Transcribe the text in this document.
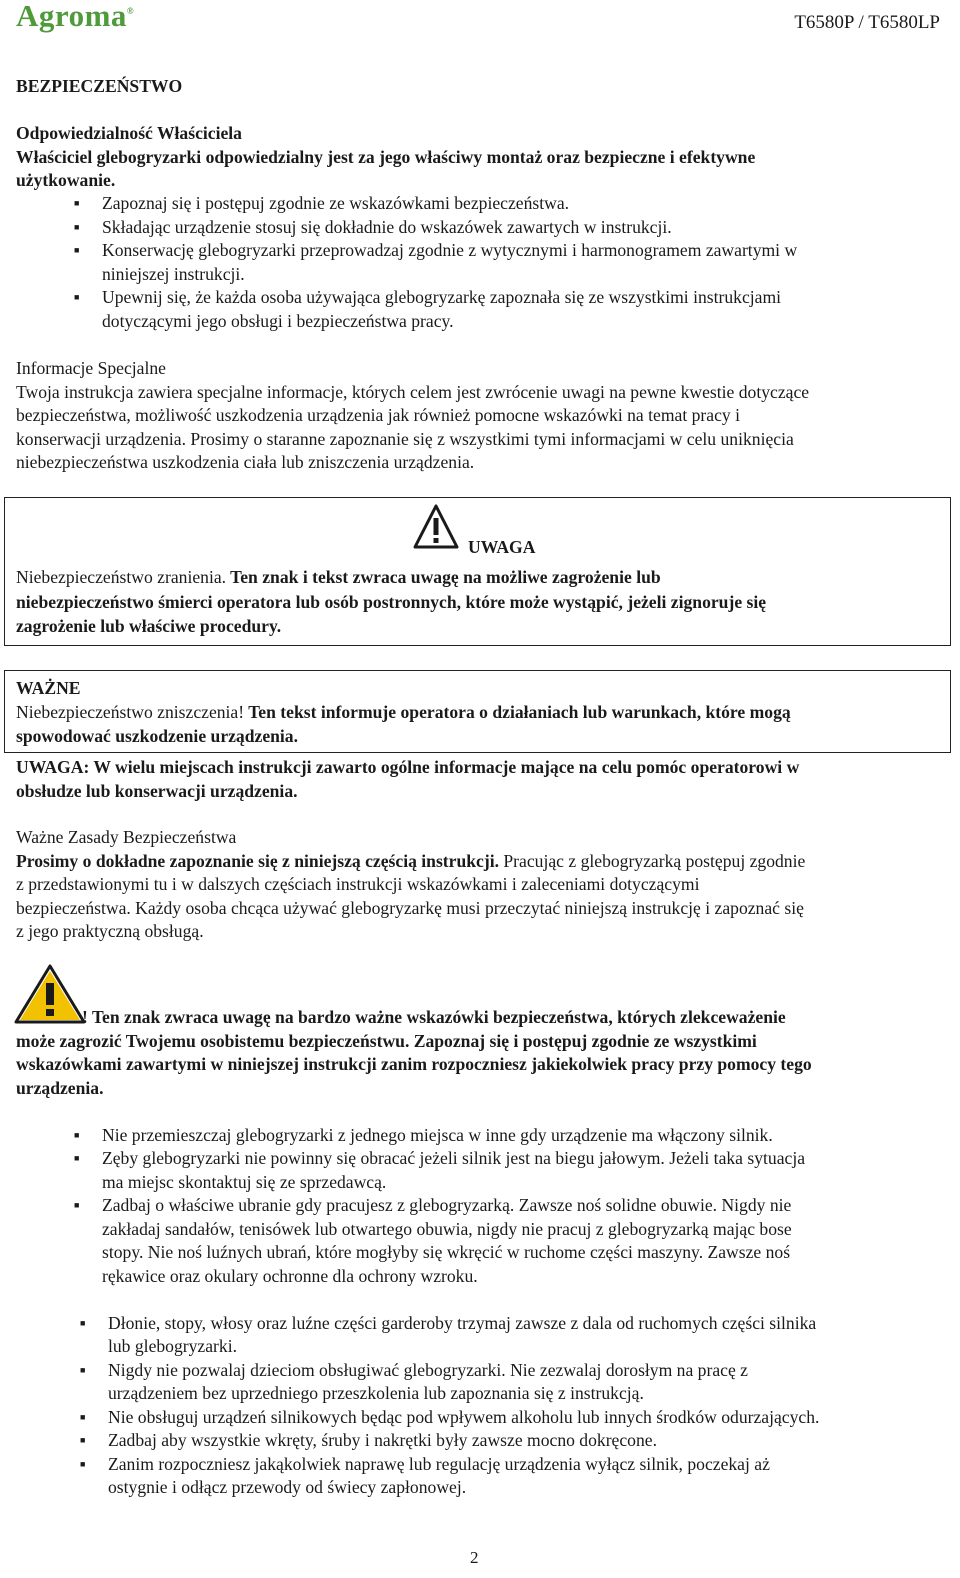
Agroma®
T6580P / T6580LP
BEZPIECZEŃSTWO
Odpowiedzialność Właściciela
Właściciel glebogryzarki odpowiedzialny jest za jego właściwy montaż oraz bezpieczne i efektywne
użytkowanie.
■ Zapoznaj się i postępuj zgodnie ze wskazówkami bezpieczeństwa.
■ Składając urządzenie stosuj się dokładnie do wskazówek zawartych w instrukcji.
■ Konserwację glebogryzarki przeprowadzaj zgodnie z wytycznymi i harmonogramem zawartymi w
niniejszej instrukcji.
■ Upewnij się, że każda osoba używająca glebogryzarkę zapoznała się ze wszystkimi instrukcjami
dotyczącymi jego obsługi i bezpieczeństwa pracy.
Informacje Specjalne
Twoja instrukcja zawiera specjalne informacje, których celem jest zwrócenie uwagi na pewne kwestie dotyczące
bezpieczeństwa, możliwość uszkodzenia urządzenia jak również pomocne wskazówki na temat pracy i
konserwacji urządzenia. Prosimy o staranne zapoznanie się z wszystkimi tymi informacjami w celu uniknięcia
niebezpieczeństwa uszkodzenia ciała lub zniszczenia urządzenia.
UWAGA
Niebezpieczeństwo zranienia. Ten znak i tekst zwraca uwagę na możliwe zagrożenie lub
niebezpieczeństwo śmierci operatora lub osób postronnych, które może wystąpić, jeżeli zignoruje się
zagrożenie lub właściwe procedury.
WAŻNE
Niebezpieczeństwo zniszczenia! Ten tekst informuje operatora o działaniach lub warunkach, które mogą
spowodować uszkodzenie urządzenia.
UWAGA: W wielu miejscach instrukcji zawarto ogólne informacje mające na celu pomóc operatorowi w
obsłudze lub konserwacji urządzenia.
Ważne Zasady Bezpieczeństwa
Prosimy o dokładne zapoznanie się z niniejszą częścią instrukcji. Pracując z glebogryzarką postępuj zgodnie
z przedstawionymi tu i w dalszych częściach instrukcji wskazówkami i zaleceniami dotyczącymi
bezpieczeństwa. Każdy osoba chcąca używać glebogryzarkę musi przeczytać niniejszą instrukcję i zapoznać się
z jego praktyczną obsługą.
! Ten znak zwraca uwagę na bardzo ważne wskazówki bezpieczeństwa, których zlekceważenie
może zagrozić Twojemu osobistemu bezpieczeństwu. Zapoznaj się i postępuj zgodnie ze wszystkimi
wskazówkami zawartymi w niniejszej instrukcji zanim rozpoczniesz jakiekolwiek pracy przy pomocy tego
urządzenia.
■ Nie przemieszczaj glebogryzarki z jednego miejsca w inne gdy urządzenie ma włączony silnik.
■ Zęby glebogryzarki nie powinny się obracać jeżeli silnik jest na biegu jałowym. Jeżeli taka sytuacja
ma miejsc skontaktuj się ze sprzedawcą.
■ Zadbaj o właściwe ubranie gdy pracujesz z glebogryzarką. Zawsze noś solidne obuwie. Nigdy nie
zakładaj sandałów, tenisówek lub otwartego obuwia, nigdy nie pracuj z glebogryzarką mając bose
stopy. Nie noś luźnych ubrań, które mogłyby się wkręcić w ruchome części maszyny. Zawsze noś
rękawice oraz okulary ochronne dla ochrony wzroku.
■ Dłonie, stopy, włosy oraz luźne części garderoby trzymaj zawsze z dala od ruchomych części silnika
lub glebogryzarki.
■ Nigdy nie pozwalaj dzieciom obsługiwać glebogryzarki. Nie zezwalaj dorosłym na pracę z
urządzeniem bez uprzedniego przeszkolenia lub zapoznania się z instrukcją.
■ Nie obsługuj urządzeń silnikowych będąc pod wpływem alkoholu lub innych środków odurzających.
■ Zadbaj aby wszystkie wkręty, śruby i nakrętki były zawsze mocno dokręcone.
■ Zanim rozpoczniesz jakąkolwiek naprawę lub regulację urządzenia wyłącz silnik, poczekaj aż
ostygnie i odłącz przewody od świecy zapłonowej.
2
